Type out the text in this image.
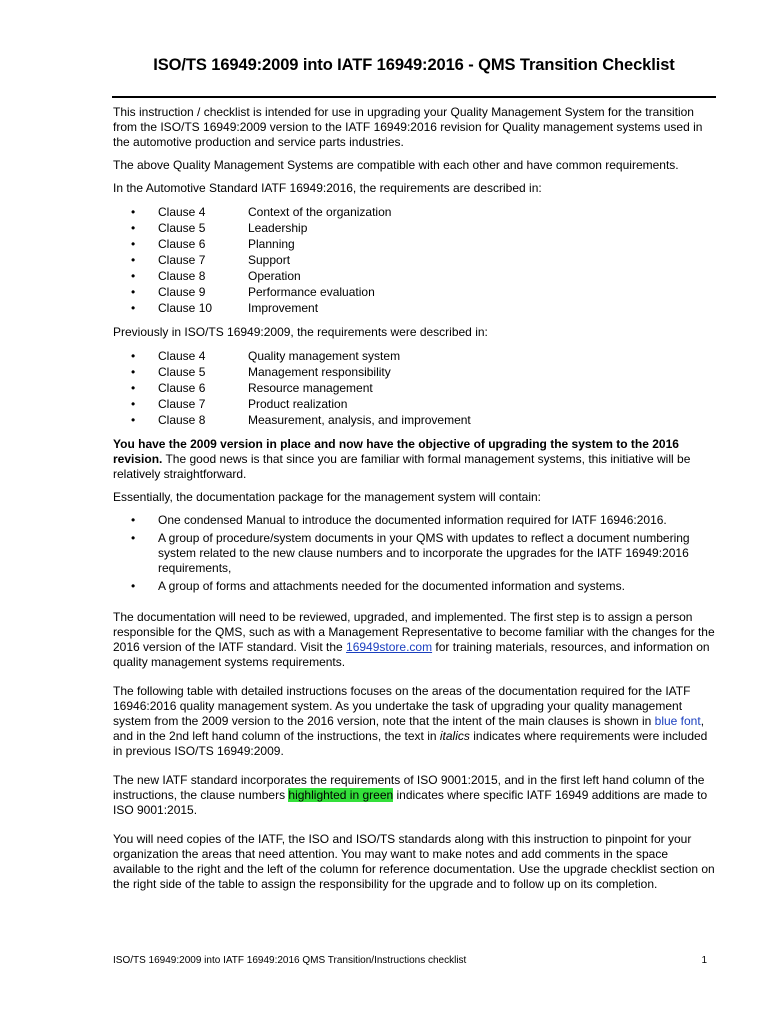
ISO/TS 16949:2009 into IATF 16949:2016 - QMS Transition Checklist

This instruction / checklist is intended for use in upgrading your Quality Management System for the transition from the ISO/TS 16949:2009 version to the IATF 16949:2016 revision for Quality management systems used in the automotive production and service parts industries.

The above Quality Management Systems are compatible with each other and have common requirements.

In the Automotive Standard IATF 16949:2016, the requirements are described in:

• Clause 4	Context of the organization
• Clause 5	Leadership
• Clause 6	Planning
• Clause 7	Support
• Clause 8	Operation
• Clause 9	Performance evaluation
• Clause 10	Improvement

Previously in ISO/TS 16949:2009, the requirements were described in:

• Clause 4	Quality management system
• Clause 5	Management responsibility
• Clause 6	Resource management
• Clause 7	Product realization
• Clause 8	Measurement, analysis, and improvement

You have the 2009 version in place and now have the objective of upgrading the system to the 2016 revision. The good news is that since you are familiar with formal management systems, this initiative will be relatively straightforward.

Essentially, the documentation package for the management system will contain:

• One condensed Manual to introduce the documented information required for IATF 16946:2016.
• A group of procedure/system documents in your QMS with updates to reflect a document numbering system related to the new clause numbers and to incorporate the upgrades for the IATF 16949:2016 requirements,
• A group of forms and attachments needed for the documented information and systems.

The documentation will need to be reviewed, upgraded, and implemented. The first step is to assign a person responsible for the QMS, such as with a Management Representative to become familiar with the changes for the 2016 version of the IATF standard. Visit the 16949store.com for training materials, resources, and information on quality management systems requirements.

The following table with detailed instructions focuses on the areas of the documentation required for the IATF 16946:2016 quality management system. As you undertake the task of upgrading your quality management system from the 2009 version to the 2016 version, note that the intent of the main clauses is shown in blue font, and in the 2nd left hand column of the instructions, the text in italics indicates where requirements were included in previous ISO/TS 16949:2009.

The new IATF standard incorporates the requirements of ISO 9001:2015, and in the first left hand column of the instructions, the clause numbers highlighted in green indicates where specific IATF 16949 additions are made to ISO 9001:2015.

You will need copies of the IATF, the ISO and ISO/TS standards along with this instruction to pinpoint for your organization the areas that need attention. You may want to make notes and add comments in the space available to the right and the left of the column for reference documentation. Use the upgrade checklist section on the right side of the table to assign the responsibility for the upgrade and to follow up on its completion.

ISO/TS 16949:2009 into IATF 16949:2016 QMS Transition/Instructions checklist	1
